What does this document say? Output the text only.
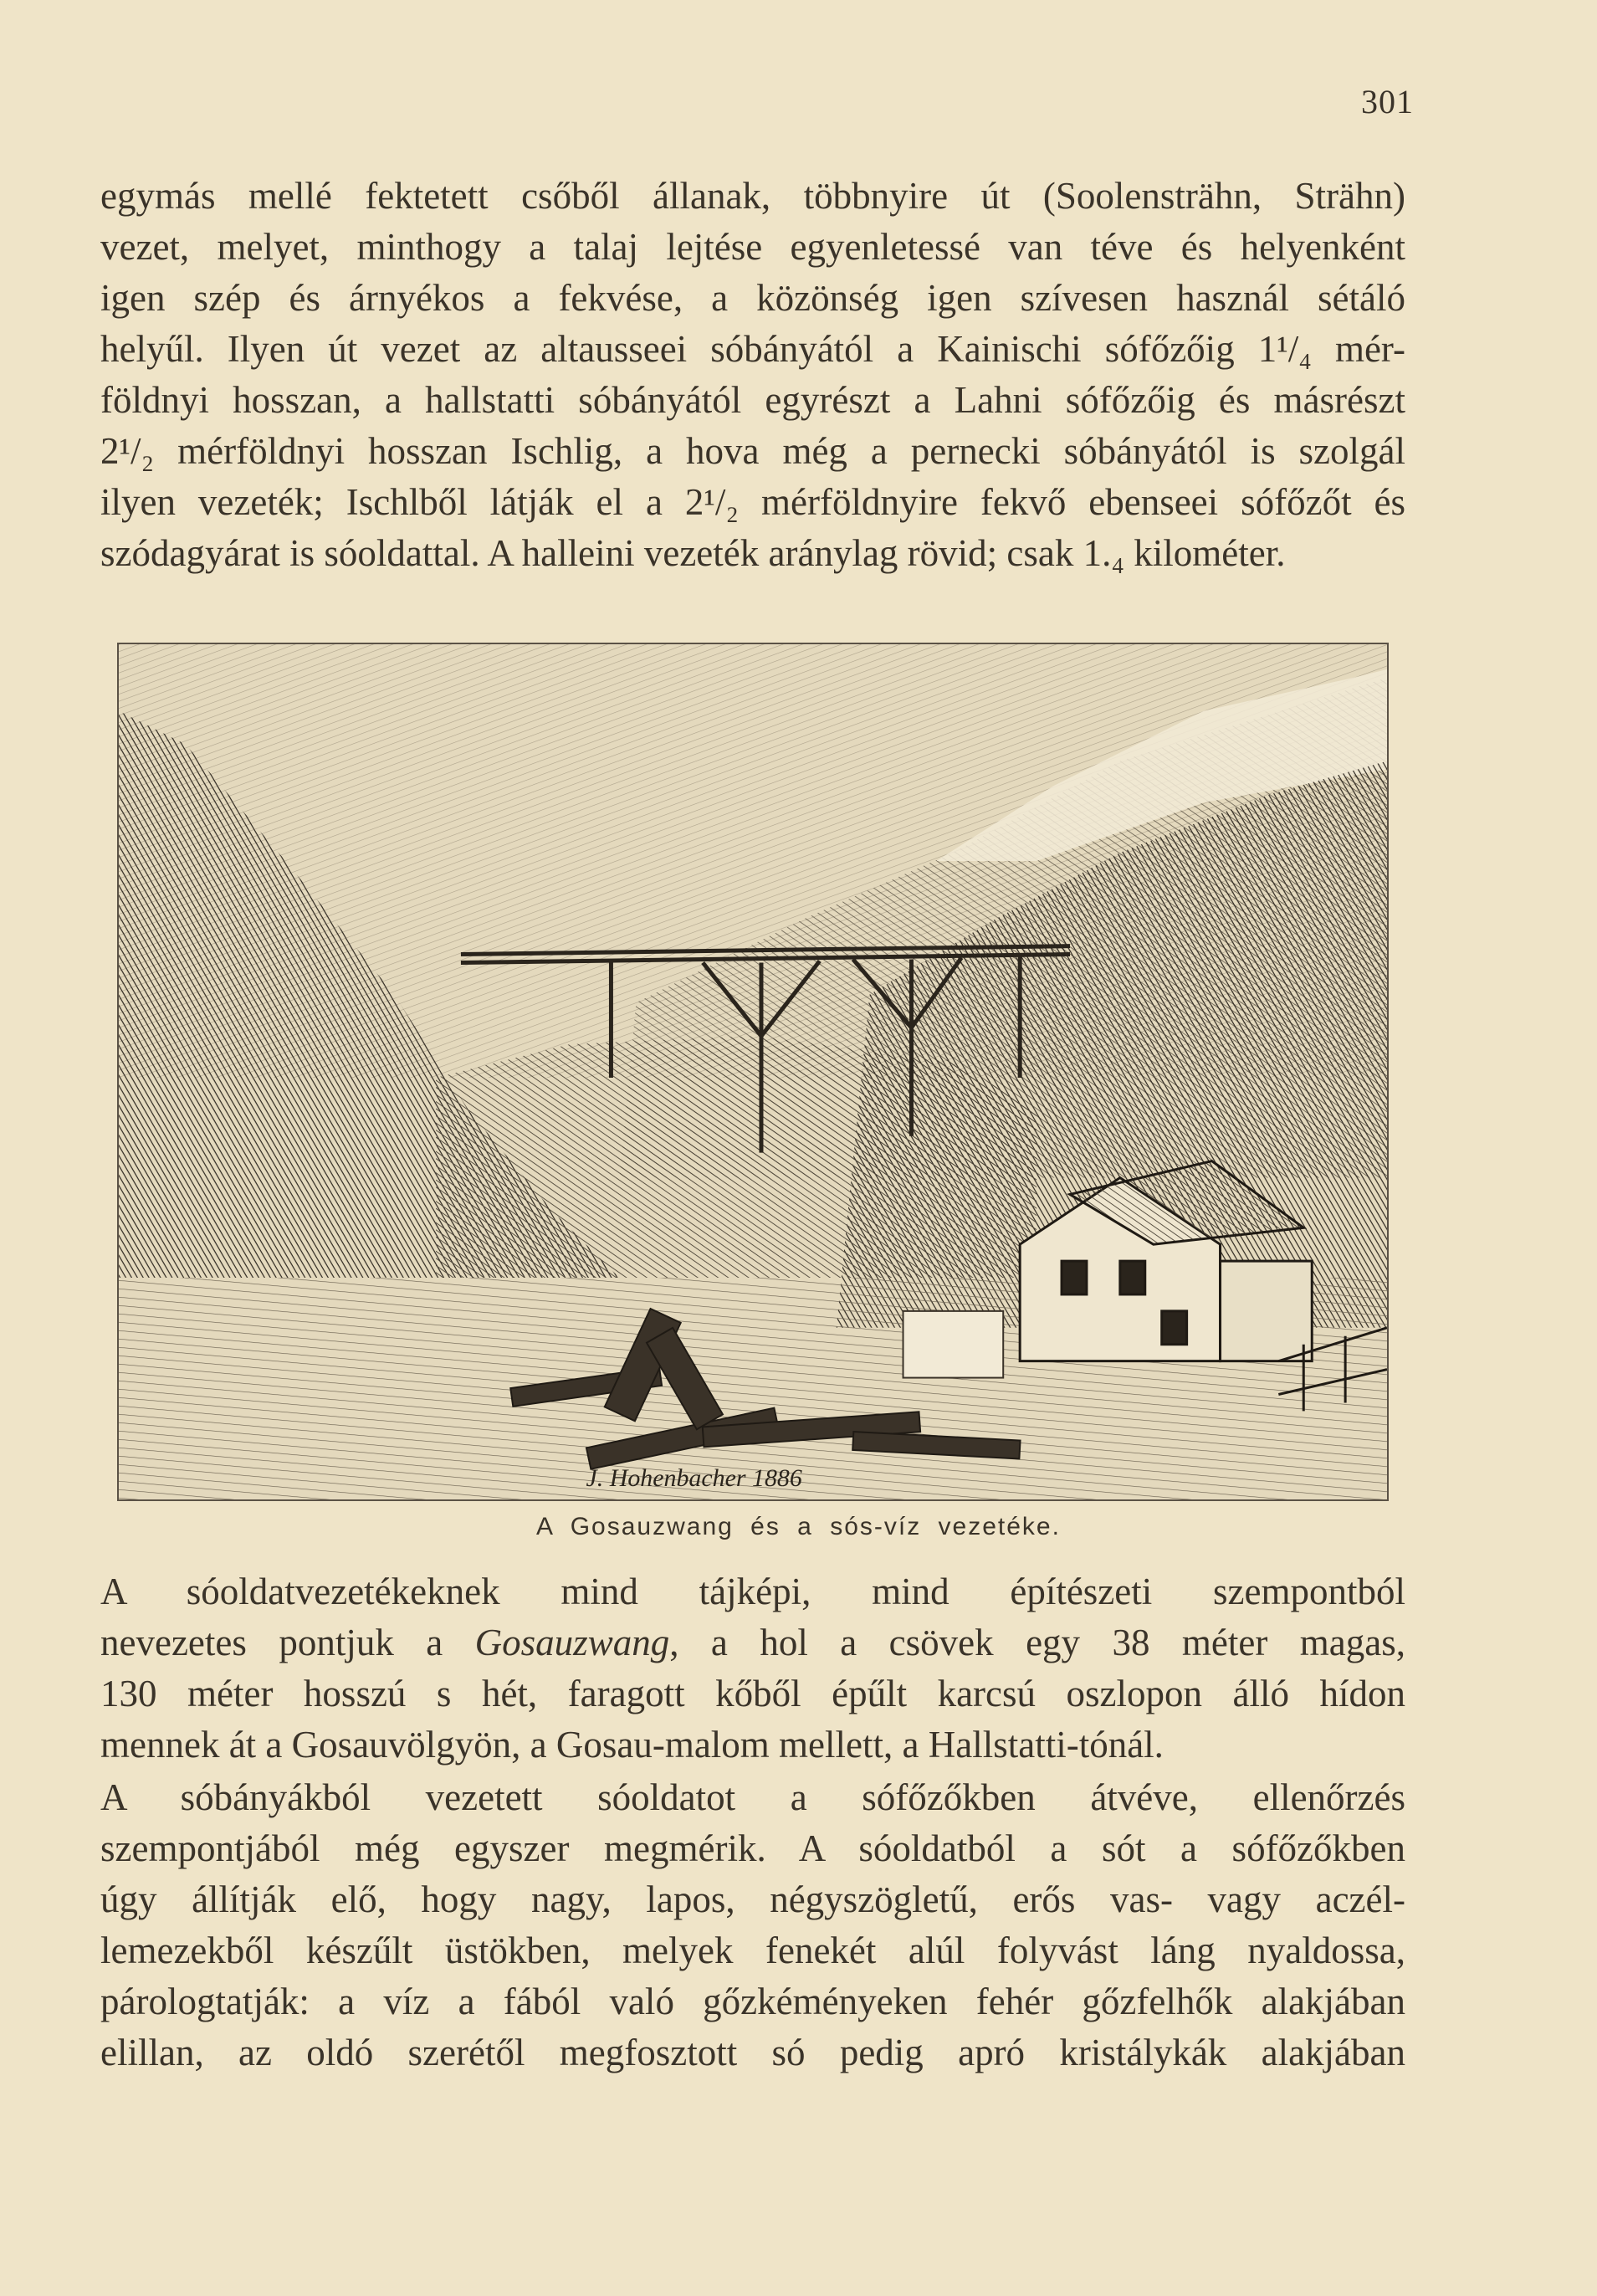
301

egymás mellé fektetett csőből állanak, többnyire út (Soolensträhn, Strähn)
vezet, melyet, minthogy a talaj lejtése egyenletessé van téve és helyenként
igen szép és árnyékos a fekvése, a közönség igen szívesen használ sétáló
helyűl. Ilyen út vezet az altausseei sóbányától a Kainischi sófőzőig 1¹/₄ mér-
földnyi hosszan, a hallstatti sóbányától egyrészt a Lahni sófőzőig és másrészt
2¹/₂ mérföldnyi hosszan Ischlig, a hova még a pernecki sóbányától is szolgál
ilyen vezeték; Ischlből látják el a 2¹/₂ mérföldnyire fekvő ebenseei sófőzőt és
szódagyárat is sóoldattal. A halleini vezeték aránylag rövid; csak 1.₄ kilométer.

J. Hohenbacher 1886
A Gosauzwang és a sós-víz vezetéke.

A sóoldatvezetékeknek mind tájképi, mind építészeti szempontból
nevezetes pontjuk a Gosauzwang, a hol a csövek egy 38 méter magas,
130 méter hosszú s hét, faragott kőből épűlt karcsú oszlopon álló hídon
mennek át a Gosauvölgyön, a Gosau-malom mellett, a Hallstatti-tónál.

A sóbányákból vezetett sóoldatot a sófőzőkben átvéve, ellenőrzés
szempontjából még egyszer megmérik. A sóoldatból a sót a sófőzőkben
úgy állítják elő, hogy nagy, lapos, négyszögletű, erős vas- vagy aczél-
lemezekből készűlt üstökben, melyek fenekét alúl folyvást láng nyaldossa,
párologtatják: a víz a fából való gőzkéményeken fehér gőzfelhők alakjában
elillan, az oldó szerétől megfosztott só pedig apró kristálykák alakjában
